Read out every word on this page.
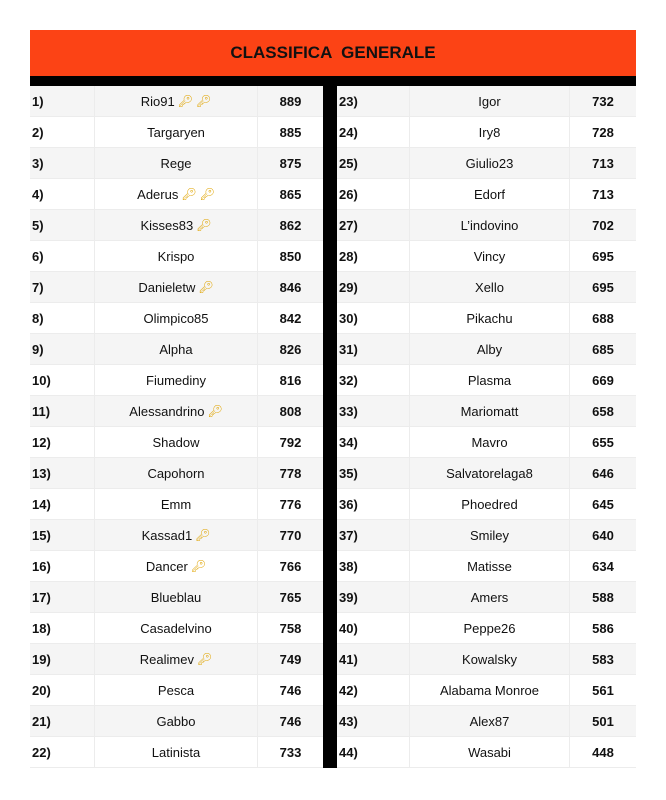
CLASSIFICA  GENERALE
1)	Rio91 🔑︎ 🔑︎	889
2)	Targaryen	885
3)	Rege	875
4)	Aderus 🔑︎ 🔑︎	865
5)	Kisses83 🔑︎	862
6)	Krispo	850
7)	Danieletw 🔑︎	846
8)	Olimpico85	842
9)	Alpha	826
10)	Fiumediny	816
11)	Alessandrino 🔑︎	808
12)	Shadow	792
13)	Capohorn	778
14)	Emm	776
15)	Kassad1 🔑︎	770
16)	Dancer 🔑︎	766
17)	Blueblau	765
18)	Casadelvino	758
19)	Realimev 🔑︎	749
20)	Pesca	746
21)	Gabbo	746
22)	Latinista	733
23)	Igor	732
24)	Iry8	728
25)	Giulio23	713
26)	Edorf	713
27)	L’indovino	702
28)	Vincy	695
29)	Xello	695
30)	Pikachu	688
31)	Alby	685
32)	Plasma	669
33)	Mariomatt	658
34)	Mavro	655
35)	Salvatorelaga8	646
36)	Phoedred	645
37)	Smiley	640
38)	Matisse	634
39)	Amers	588
40)	Peppe26	586
41)	Kowalsky	583
42)	Alabama Monroe	561
43)	Alex87	501
44)	Wasabi	448
